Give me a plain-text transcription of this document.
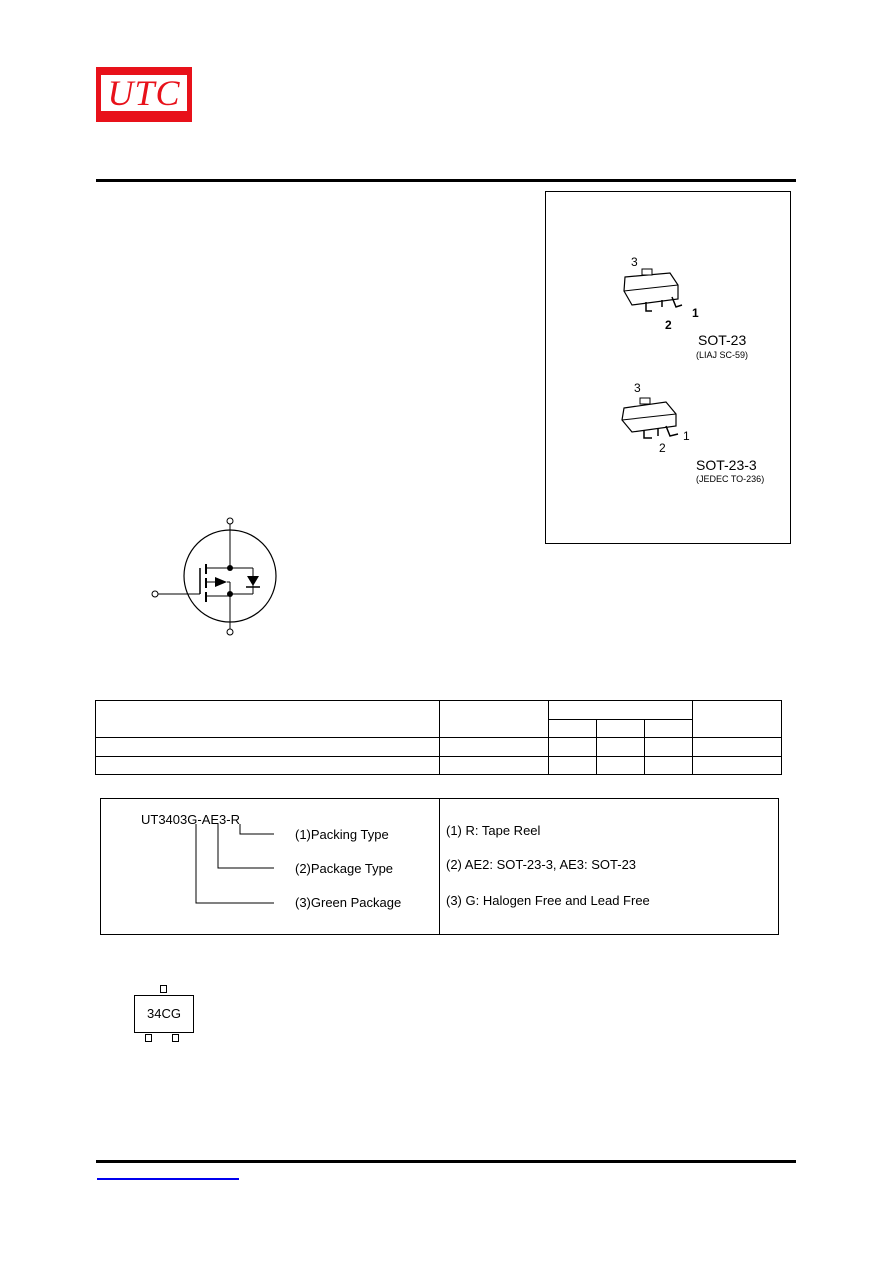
UTC
3
2
1
SOT-23
(LIAJ SC-59)
3
2
1
SOT-23-3
(JEDEC TO-236)

UT3403G-AE3-R
(1)Packing Type
(2)Package Type
(3)Green Package
(1) R: Tape Reel
(2) AE2: SOT-23-3, AE3: SOT-23
(3) G: Halogen Free and Lead Free
34CG
